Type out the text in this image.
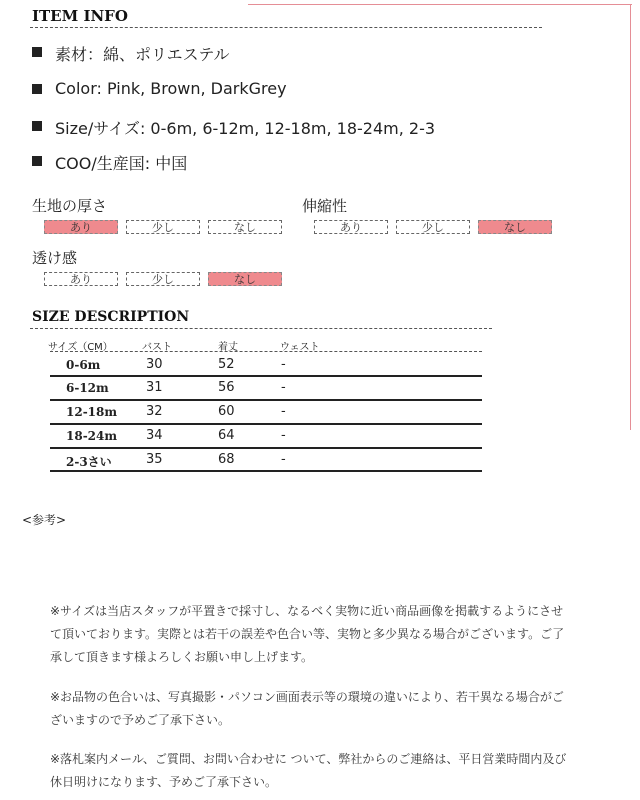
ITEM INFO
素材：綿、ポリエステル
Color: Pink, Brown, DarkGrey
Size/サイズ: 0-6m, 6-12m, 12-18m, 18-24m, 2-3
COO/生産国: 中国
生地の厚さ
あり	少し	なし
伸縮性
あり	少し	なし
透け感
あり	少し	なし
SIZE DESCRIPTION
サイズ（CM）	バスト	着丈	ウェスト
0-6m	30	52	-
6-12m	31	56	-
12-18m 32	60	-
18-24m 34	64	-
2-3さい	35	68	-
<参考>
※サイズは当店スタッフが平置きで採寸し、なるべく実物に近い商品画像を掲載するようにさせて頂いております。実際とは若干の誤差や色合い等、実物と多少異なる場合がございます。ご了承して頂きます様よろしくお願い申し上げます。
※お品物の色合いは、写真撮影・パソコン画面表示等の環境の違いにより、若干異なる場合がございますので予めご了承下さい。
※落札案内メール、ご質問、お問い合わせに ついて、弊社からのご連絡は、平日営業時間内及び休日明けになります、予めご了承下さい。
